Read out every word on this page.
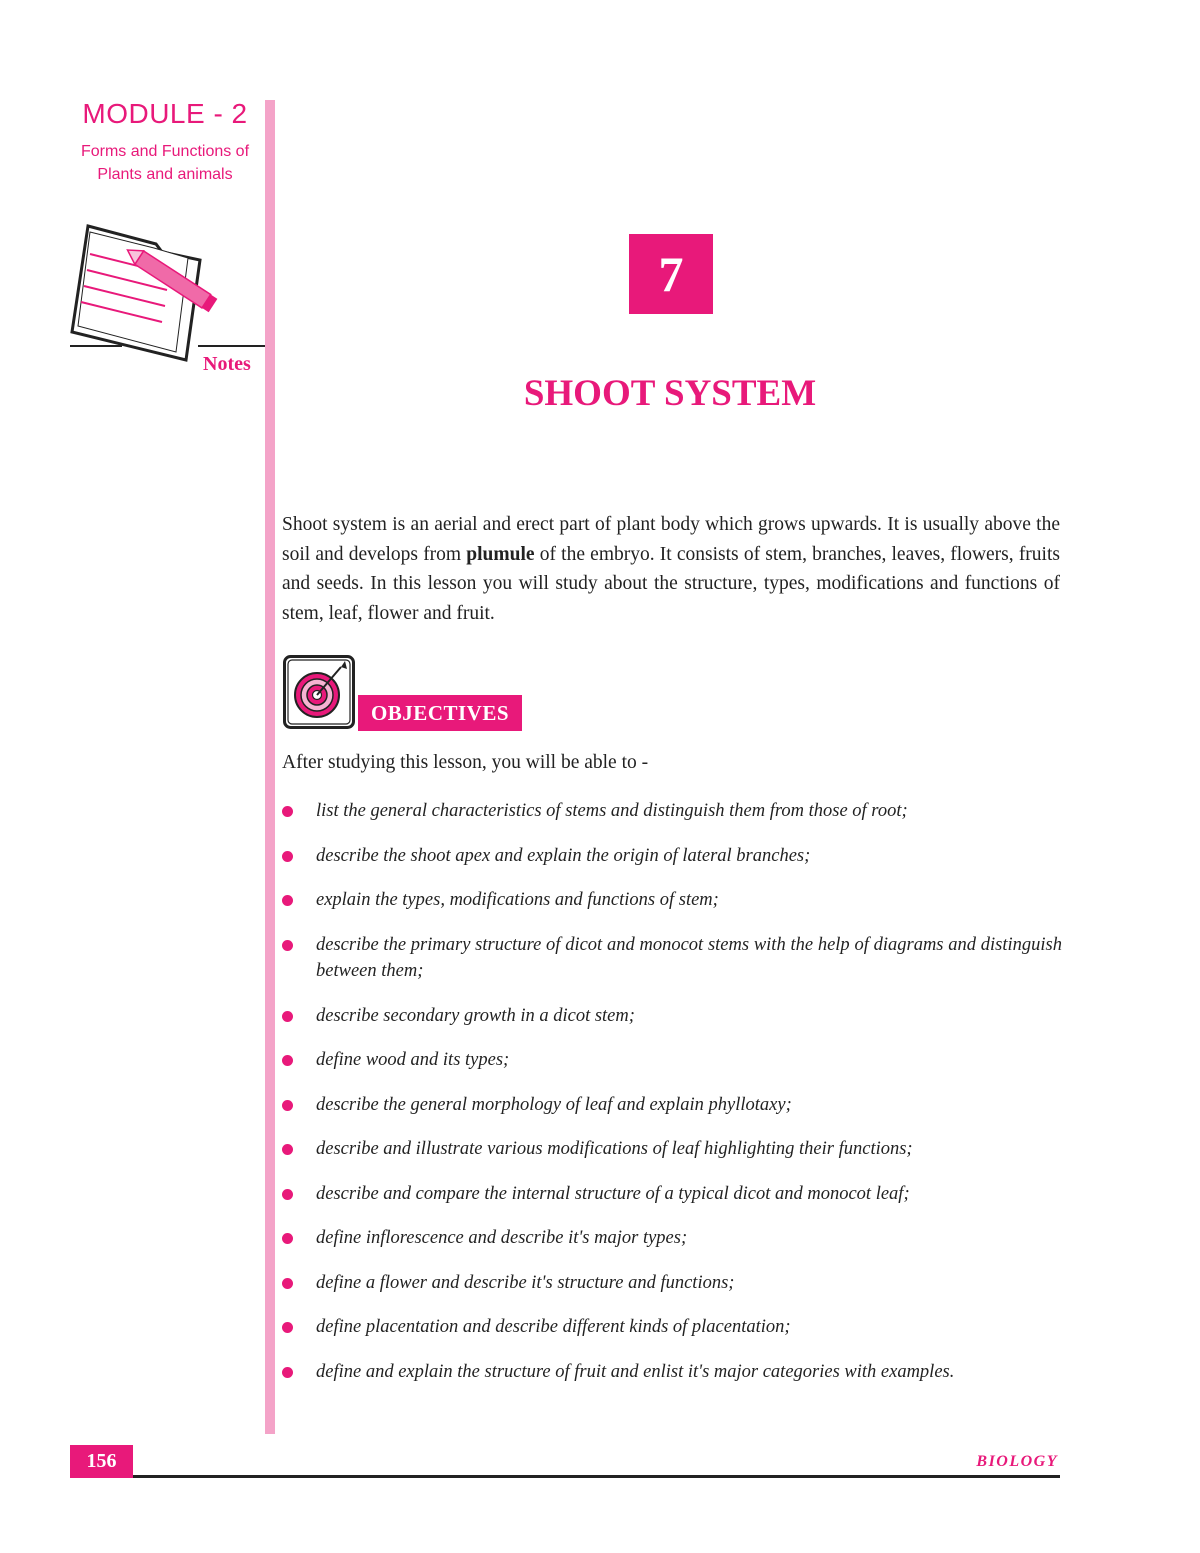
MODULE - 2
Forms and Functions of
Plants and animals
Notes
7
SHOOT SYSTEM

Shoot system is an aerial and erect part of plant body which grows upwards. It is usually above the soil and develops from plumule of the embryo. It consists of stem, branches, leaves, flowers, fruits and seeds. In this lesson you will study about the structure, types, modifications and functions of stem, leaf, flower and fruit.

OBJECTIVES
After studying this lesson, you will be able to -
list the general characteristics of stems and distinguish them from those of root;
describe the shoot apex and explain the origin of lateral branches;
explain the types, modifications and functions of stem;
describe the primary structure of dicot and monocot stems with the help of diagrams and distinguish between them;
describe secondary growth in a dicot stem;
define wood and its types;
describe the general morphology of leaf and explain phyllotaxy;
describe and illustrate various modifications of leaf highlighting their functions;
describe and compare the internal structure of a typical dicot and monocot leaf;
define inflorescence and describe it's major types;
define a flower and describe it's structure and functions;
define placentation and describe different kinds of placentation;
define and explain the structure of fruit and enlist it's major categories with examples.
156	BIOLOGY
